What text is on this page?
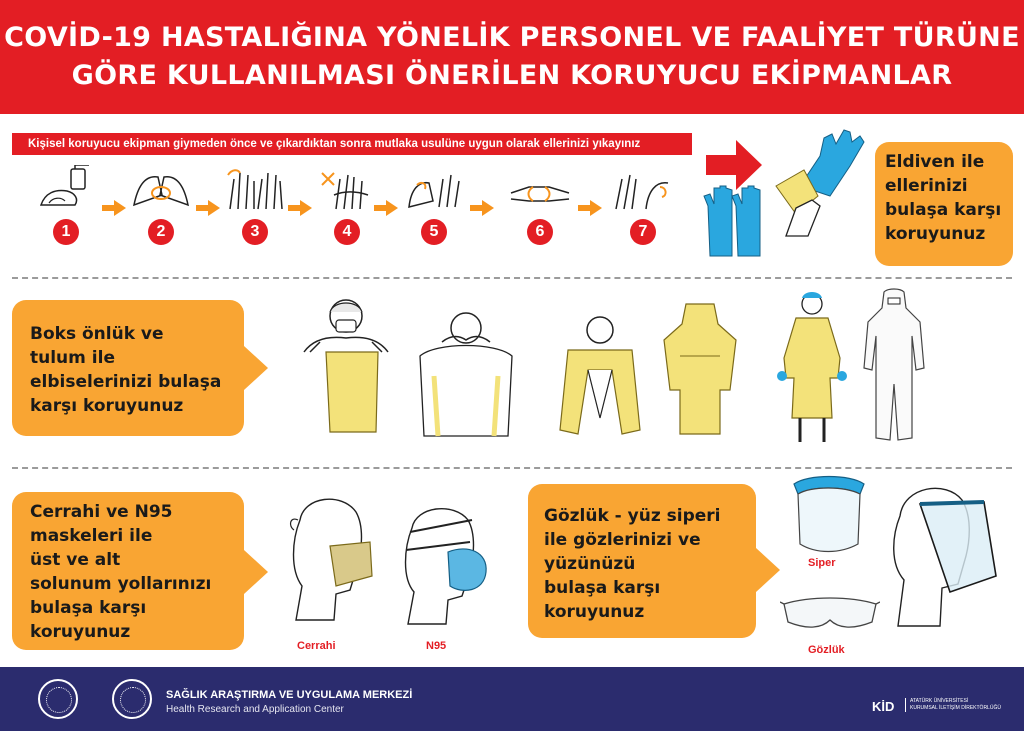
COVİD-19 HASTALIĞINA YÖNELİK PERSONEL VE FAALİYET TÜRÜNE
GÖRE KULLANILMASI ÖNERİLEN KORUYUCU EKİPMANLAR
Kişisel koruyucu ekipman giymeden önce ve çıkardıktan sonra mutlaka usulüne uygun olarak ellerinizi yıkayınız
1	2	3	4	5	6	7
Eldiven ile
ellerinizi
bulaşa karşı
koruyunuz
Boks önlük ve
tulum ile
elbiselerinizi bulaşa
karşı koruyunuz
Cerrahi ve N95
maskeleri ile
üst ve alt
solunum yollarınızı
bulaşa karşı
koruyunuz
Cerrahi	N95
Gözlük - yüz siperi
ile gözlerinizi ve
yüzünüzü
bulaşa karşı
koruyunuz
Siper
Gözlük
SAĞLIK ARAŞTIRMA VE UYGULAMA MERKEZİ
Health Research and Application Center	KİD	ATATÜRK ÜNİVERSİTESİ
KURUMSAL İLETİŞİM DİREKTÖRLÜĞÜ
